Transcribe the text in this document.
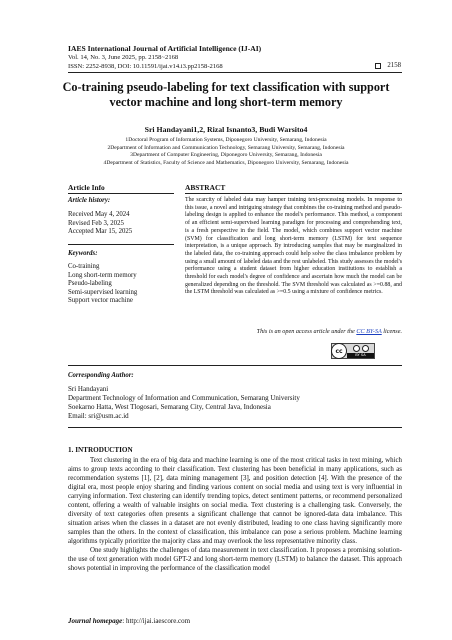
IAES International Journal of Artificial Intelligence (IJ-AI)
Vol. 14, No. 3, June 2025, pp. 2158~2168
ISSN: 2252-8938, DOI: 10.11591/ijai.v14.i3.pp2158-2168	2158
Co-training pseudo-labeling for text classification with support vector machine and long short-term memory
Sri Handayani1,2, Rizal Isnanto3, Budi Warsito4
1Doctoral Program of Information Systems, Diponegoro University, Semarang, Indonesia
2Department of Information and Communication Technology, Semarang University, Semarang, Indonesia
3Department of Computer Engineering, Diponegoro University, Semarang, Indonesia
4Department of Statistics, Faculty of Science and Mathematics, Diponegoro University, Semarang, Indonesia
Article Info
Article history:
Received May 4, 2024
Revised Feb 3, 2025
Accepted Mar 15, 2025
Keywords:
Co-training
Long short-term memory
Pseudo-labeling
Semi-supervised learning
Support vector machine
ABSTRACT
The scarcity of labeled data may hamper training text-processing models. In response to this issue, a novel and intriguing strategy that combines the co-training method and pseudo-labeling design is applied to enhance the model's performance. This method, a component of an efficient semi-supervised learning paradigm for processing and comprehending text, is a fresh perspective in the field. The model, which combines support vector machine (SVM) for classification and long short-term memory (LSTM) for text sequence interpretation, is a unique approach. By introducing samples that may be marginalized in the labeled data, the co-training approach could help solve the class imbalance problem by using a small amount of labeled data and the rest unlabeled. This study assesses the model's performance using a student dataset from higher education institutions to establish a threshold for each model's degree of confidence and ascertain how much the model can be generalized depending on the threshold. The SVM threshold was calculated as >=0.88, and the LSTM threshold was calculated as >=0.5 using a mixture of confidence metrics.
This is an open access article under the CC BY-SA license.
cc
BY SA
Corresponding Author:
Sri Handayani
Department Technology of Information and Communication, Semarang University
Soekarno Hatta, West Tlogosari, Semarang City, Central Java, Indonesia
Email: sri@usm.ac.id
1. INTRODUCTION

Text clustering in the era of big data and machine learning is one of the most critical tasks in text mining, which aims to group texts according to their classification. Text clustering has been beneficial in many applications, such as recommendation systems [1], [2], data mining management [3], and position detection [4]. With the presence of the digital era, most people enjoy sharing and finding various content on social media and using text is very influential in carrying information. Text clustering can identify trending topics, detect sentiment patterns, or recommend personalized content, offering a wealth of valuable insights on social media. Text clustering is a challenging task. Conversely, the diversity of text categories often presents a significant challenge that cannot be ignored-data data imbalance. This situation arises when the classes in a dataset are not evenly distributed, leading to one class having significantly more samples than the others. In the context of classification, this imbalance can pose a serious problem. Machine learning algorithms typically prioritize the majority class and may overlook the less representative minority class.

One study highlights the challenges of data measurement in text classification. It proposes a promising solution-the use of text generation with model GPT-2 and long short-term memory (LSTM) to balance the dataset. This approach shows potential in improving the performance of the classification model

Journal homepage: http://ijai.iaescore.com
